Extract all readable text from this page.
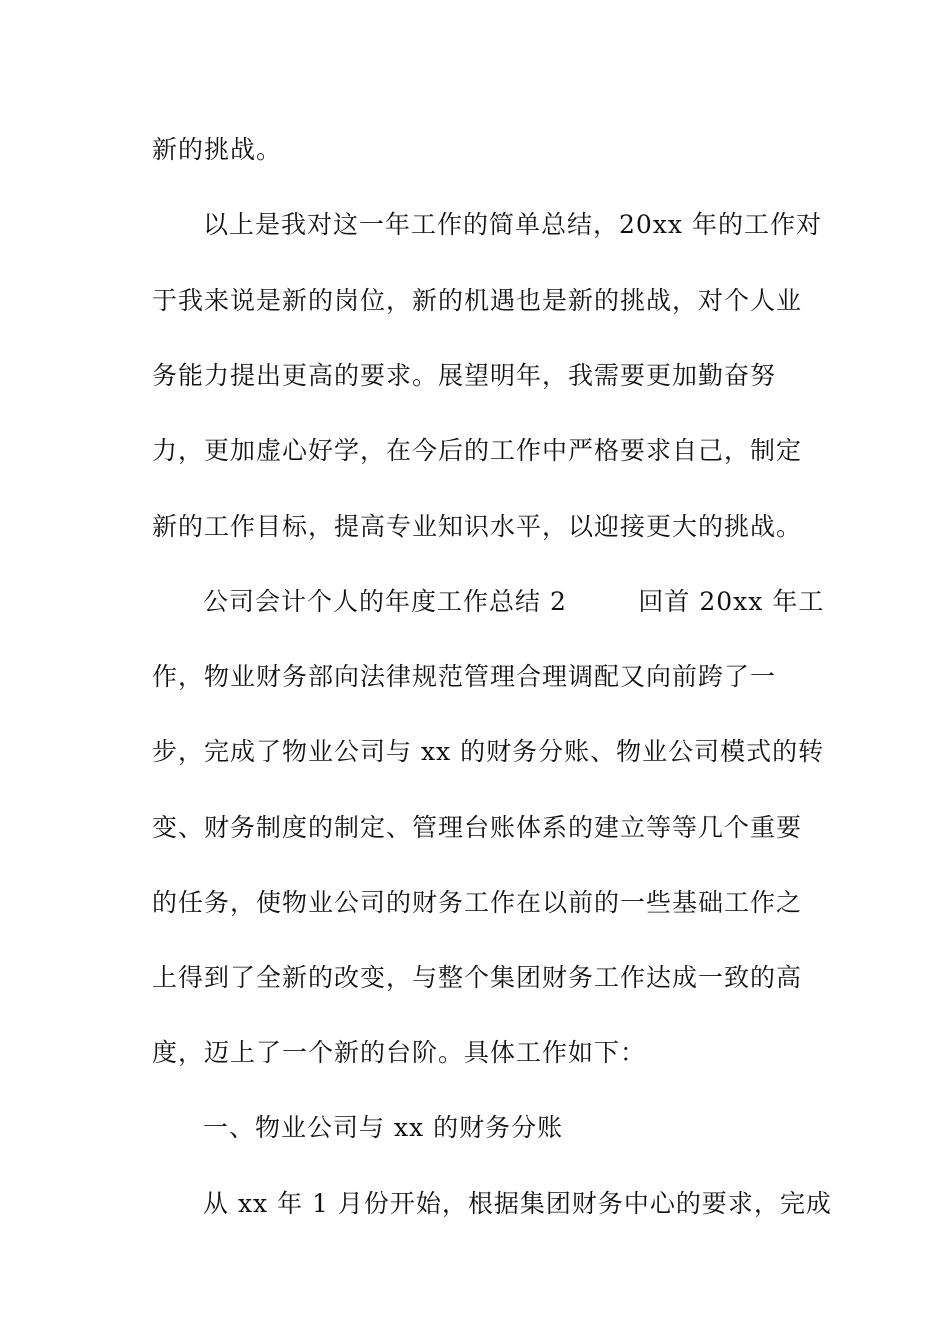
新的挑战。
以上是我对这一年工作的简单总结，20xx 年的工作对
于我来说是新的岗位，新的机遇也是新的挑战，对个人业
务能力提出更高的要求。展望明年，我需要更加勤奋努
力，更加虚心好学，在今后的工作中严格要求自己，制定
新的工作目标，提高专业知识水平，以迎接更大的挑战。
公司会计个人的年度工作总结 2        回首 20xx 年工
作，物业财务部向法律规范管理合理调配又向前跨了一
步，完成了物业公司与 xx 的财务分账、物业公司模式的转
变、财务制度的制定、管理台账体系的建立等等几个重要
的任务，使物业公司的财务工作在以前的一些基础工作之
上得到了全新的改变，与整个集团财务工作达成一致的高
度，迈上了一个新的台阶。具体工作如下：
一、物业公司与 xx 的财务分账
从 xx 年 1 月份开始，根据集团财务中心的要求，完成
